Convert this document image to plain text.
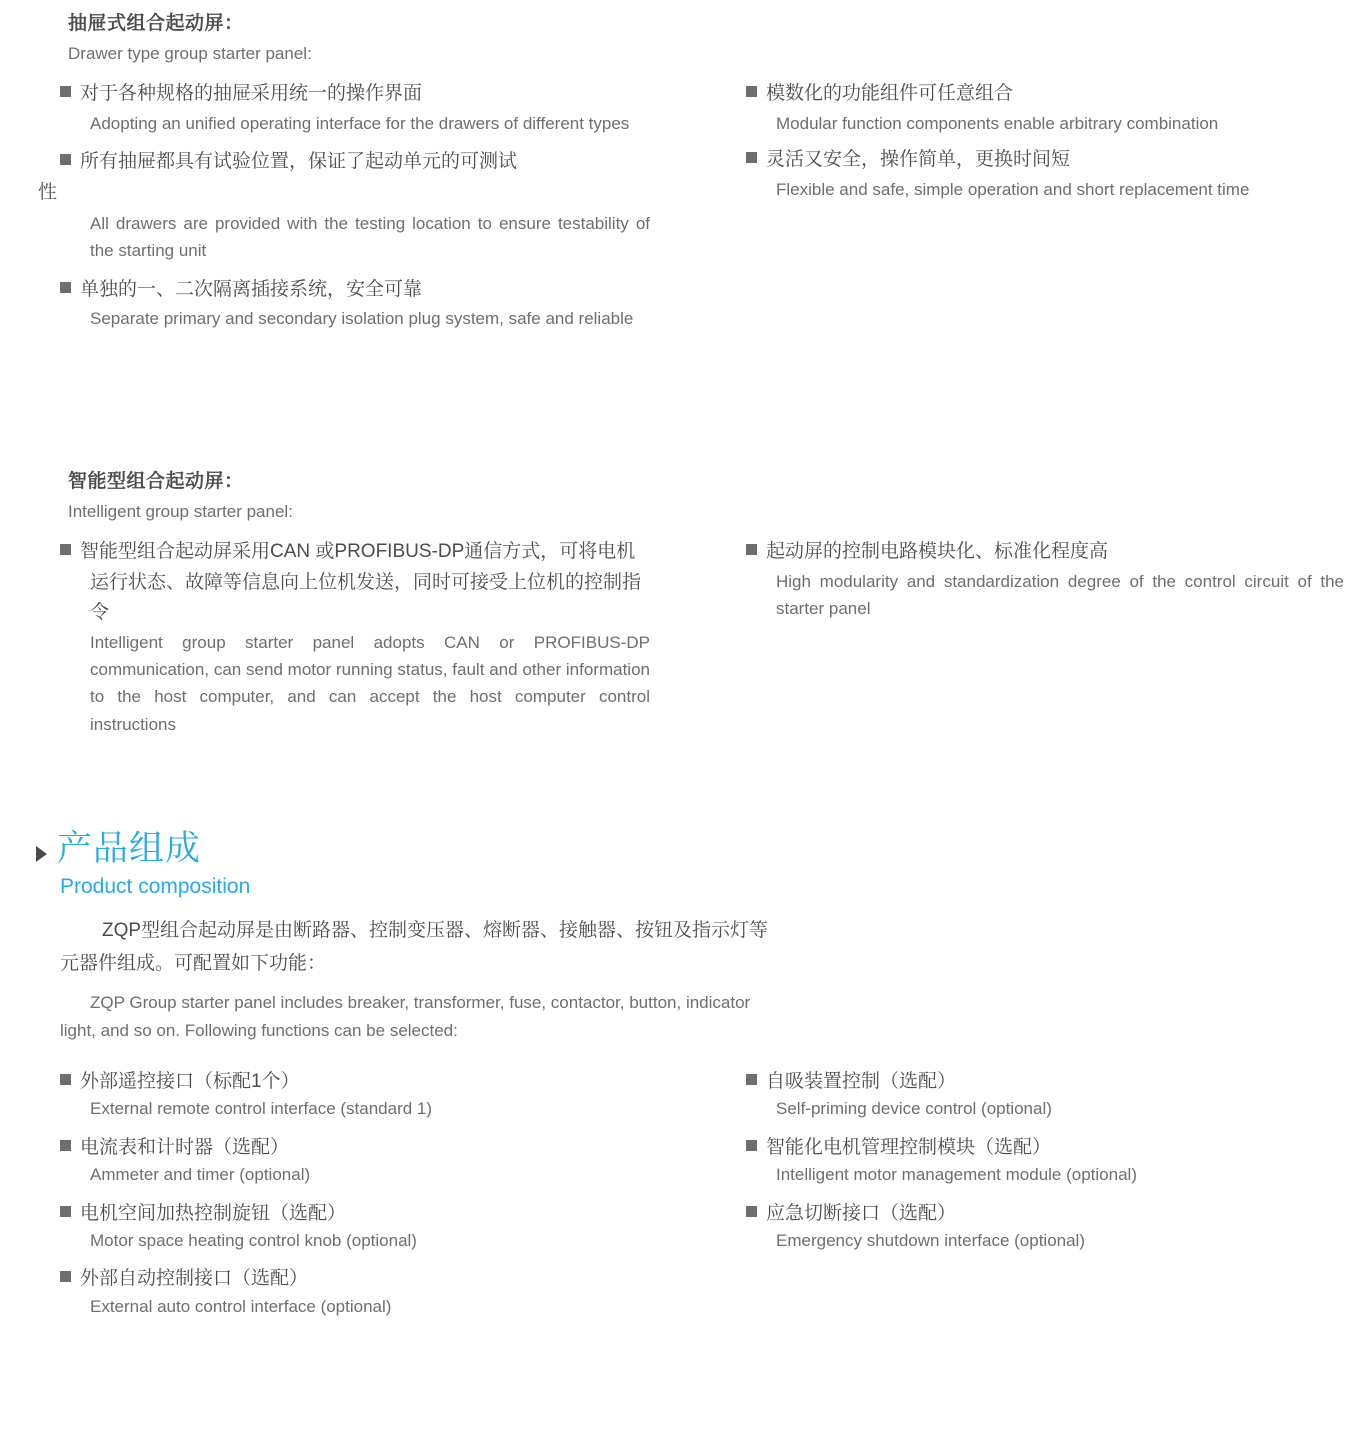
抽屉式组合起动屏：

Drawer type group starter panel:

对于各种规格的抽屉采用统一的操作界面

Adopting an unified operating interface for the drawers of different types

所有抽屉都具有试验位置，保证了起动单元的可测试

性

All drawers are provided with the testing location to ensure testability of the starting unit

单独的一、二次隔离插接系统，安全可靠

Separate primary and secondary isolation plug system, safe and reliable

模数化的功能组件可任意组合

Modular function components enable arbitrary combination

灵活又安全，操作简单，更换时间短

Flexible and safe, simple operation and short replacement time

智能型组合起动屏：

Intelligent group starter panel:

智能型组合起动屏采用CAN 或PROFIBUS-DP通信方式，可将电机运行状态、故障等信息向上位机发送，同时可接受上位机的控制指令

Intelligent group starter panel adopts CAN or PROFIBUS-DP communication, can send motor running status, fault and other information to the host computer, and can accept the host computer control instructions

起动屏的控制电路模块化、标准化程度高

High modularity and standardization degree of the control circuit of the starter panel

产品组成

Product composition

ZQP型组合起动屏是由断路器、控制变压器、熔断器、接触器、按钮及指示灯等

元器件组成。可配置如下功能：

ZQP Group starter panel includes breaker, transformer, fuse, contactor, button, indicator

light, and so on. Following functions can be selected:

外部遥控接口（标配1个）

External remote control interface (standard 1)

电流表和计时器（选配）

Ammeter and timer (optional)

电机空间加热控制旋钮（选配）

Motor space heating control knob (optional)

外部自动控制接口（选配）

External auto control interface (optional)

自吸装置控制（选配）

Self-priming device control (optional)

智能化电机管理控制模块（选配）

Intelligent motor management module (optional)

应急切断接口（选配）

Emergency shutdown interface (optional)
